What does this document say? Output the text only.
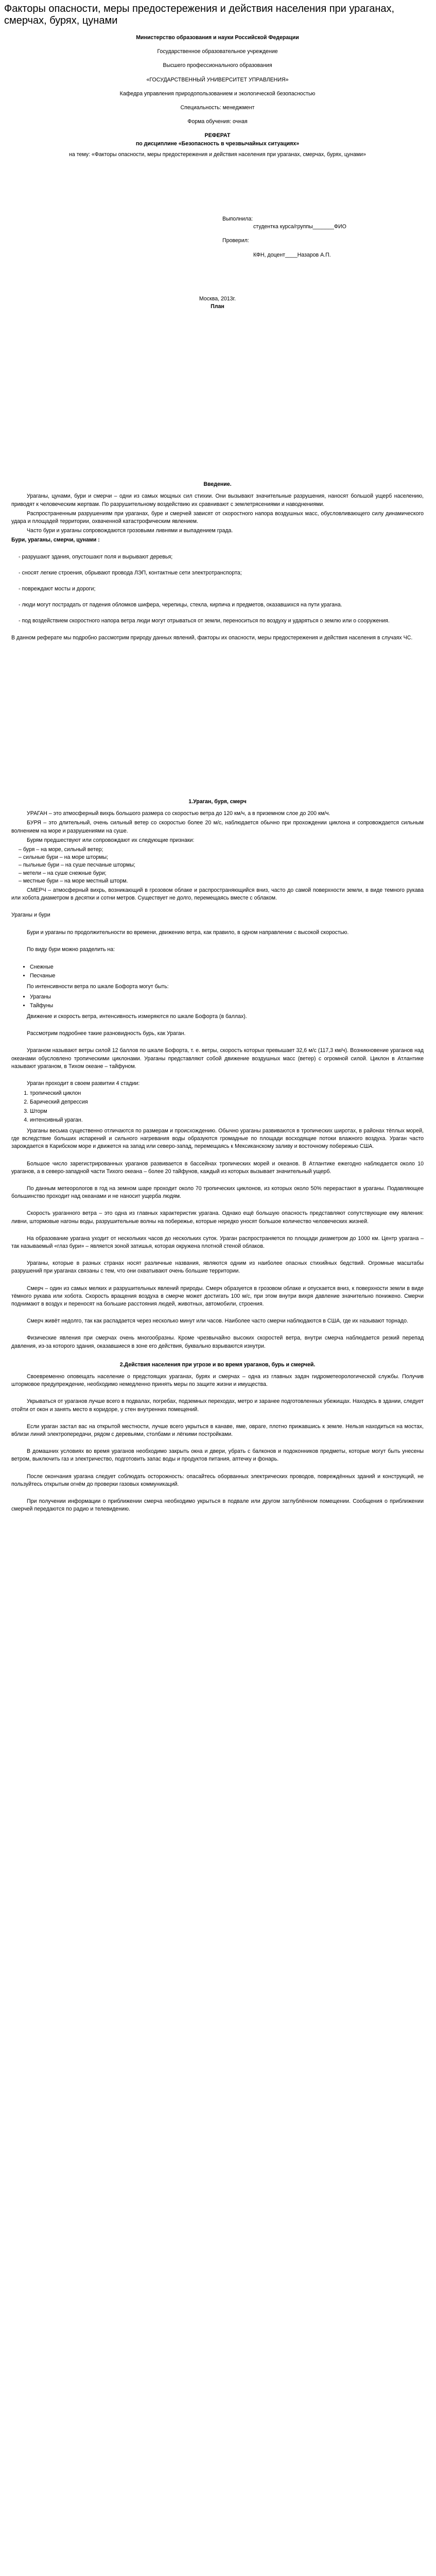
Факторы опасности, меры предостережения и действия населения при ураганах, смерчах, бурях, цунами
Министерство образования и науки Российской Федерации
Государственное образовательное учреждение
Высшего профессионального образования
«ГОСУДАРСТВЕННЫЙ УНИВЕРСИТЕТ УПРАВЛЕНИЯ»
Кафедра управления природопользованием и экологической безопасностью
Специальность: менеджмент
Форма обучения: очная
РЕФЕРАТ
по дисциплине «Безопасность в чрезвычайных ситуациях»
на тему: «Факторы опасности, меры предостережения и действия населения при ураганах, смерчах, бурях, цунами»
Выполнила:
студентка курса/группы_______ФИО
Проверил:
КФН, доцент____Назаров А.П.
Москва, 2013г.
План
Введение.

Ураганы, цунами, бури и смерчи – одни из самых мощных сил стихии. Они вызывают значительные разрушения, наносят большой ущерб населению, приводят к человеческим жертвам. По разрушительному воздействию их сравнивают с землетрясениями и наводнениями.

Распространенным разрушениям при ураганах, буре и смерчей зависят от скоростного напора воздушных масс, обусловливающего силу динамического удара и площадей территории, охваченной катастрофическим явлением.

Часто бури и ураганы сопровождаются грозовыми ливнями и выпадением града.

Бури, ураганы, смерчи, цунами :

- разрушают здания, опустошают поля и вырывают деревья;
- сносят легкие строения, обрывают провода ЛЭП, контактные сети электротранспорта;
- повреждают мосты и дороги;
- люди могут пострадать от падения обломков шифера, черепицы, стекла, кирпича и предметов, оказавшихся на пути урагана.
- под воздействием скоростного напора ветра люди могут отрываться от земли, переноситься по воздуху и ударяться о землю или о сооружения.

В данном реферате мы подробно рассмотрим природу данных явлений, факторы их опасности, меры предостережения и действия населения в случаях ЧС.

1.Ураган, буря, смерч

УРАГАН – это атмосферный вихрь большого размера со скоростью ветра до 120 км/ч, а в приземном слое до 200 км/ч.

БУРЯ – это длительный, очень сильный ветер со скоростью более 20 м/с, наблюдается обычно при прохождении циклона и сопровождается сильным волнением на море и разрушениями на суше.

Бурям предшествуют или сопровождают их следующие признаки:

– буря – на море, сильный ветер;
– сильные бури – на море штормы;
– пыльные бури – на суше песчаные штормы;
– метели – на суше снежные бури;
– местные бури – на море местный шторм.

СМЕРЧ – атмосферный вихрь, возникающий в грозовом облаке и распространяющийся вниз, часто до самой поверхности земли, в виде темного рукава или хобота диаметром в десятки и сотни метров. Существует не долго, перемещаясь вместе с облаком.

Ураганы и бури

Бури и ураганы по продолжительности во времени, движению ветра, как правило, в одном направлении с высокой скоростью.

По виду бури можно разделить на:

• Снежные
• Песчаные

По интенсивности ветра по шкале Бофорта могут быть:

• Ураганы
• Тайфуны

Движение и скорость ветра, интенсивность измеряются по шкале Бофорта (в баллах).

Рассмотрим подробнее такие разновидность бурь, как Ураган.

Ураганом называют ветры силой 12 баллов по шкале Бофорта, т. е. ветры, скорость которых превышает 32,6 м/с (117,3 км/ч). Возникновение ураганов над океанами обусловлено тропическими циклонами. Ураганы представляют собой движение воздушных масс (ветер) с огромной силой. Циклон в Атлантике называют ураганом, в Тихом океане – тайфуном.

Ураган проходит в своем развитии 4 стадии:

1. тропический циклон
2. Барический депрессия
3. Шторм
4. интенсивный ураган.

Ураганы весьма существенно отличаются по размерам и происхождению. Обычно ураганы развиваются в тропических широтах, в районах тёплых морей, где вследствие больших испарений и сильного нагревания воды образуются громадные по площади восходящие потоки влажного воздуха. Ураган часто зарождается в Карибском море и движется на запад или северо-запад, перемещаясь к Мексиканскому заливу и восточному побережью США.

Большое число зарегистрированных ураганов развивается в бассейнах тропических морей и океанов. В Атлантике ежегодно наблюдается около 10 ураганов, а в северо-западной части Тихого океана – более 20 тайфунов, каждый из которых вызывает значительный ущерб.

По данным метеорологов в год на земном шаре проходит около 70 тропических циклонов, из которых около 50% перерастают в ураганы. Подавляющее большинство проходит над океанами и не наносит ущерба людям.

Скорость ураганного ветра – это одна из главных характеристик урагана. Однако ещё большую опасность представляют сопутствующие ему явления: ливни, штормовые нагоны воды, разрушительные волны на побережье, которые нередко уносят большое количество человеческих жизней.

На образование урагана уходит от нескольких часов до нескольких суток. Ураган распространяется по площади диаметром до 1000 км. Центр урагана – так называемый «глаз бури» – является зоной затишья, которая окружена плотной стеной облаков.

Ураганы, которые в разных странах носят различные названия, являются одним из наиболее опасных стихийных бедствий. Огромные масштабы разрушений при ураганах связаны с тем, что они охватывают очень большие территории.

Смерч – один из самых мелких и разрушительных явлений природы. Смерч образуется в грозовом облаке и опускается вниз, к поверхности земли в виде тёмного рукава или хобота. Скорость вращения воздуха в смерче может достигать 100 м/с, при этом внутри вихря давление значительно понижено. Смерчи поднимают в воздух и переносят на большие расстояния людей, животных, автомобили, строения.

Смерч живёт недолго, так как распадается через несколько минут или часов. Наиболее часто смерчи наблюдаются в США, где их называют торнадо.

Физические явления при смерчах очень многообразны. Кроме чрезвычайно высоких скоростей ветра, внутри смерча наблюдается резкий перепад давления, из-за которого здания, оказавшиеся в зоне его действия, буквально взрываются изнутри.

2.Действия населения при угрозе и во время ураганов, бурь и смерчей.

Своевременно оповещать население о предстоящих ураганах, бурях и смерчах – одна из главных задач гидрометеорологической службы. Получив штормовое предупреждение, необходимо немедленно принять меры по защите жизни и имущества.

Укрываться от ураганов лучше всего в подвалах, погребах, подземных переходах, метро и заранее подготовленных убежищах. Находясь в здании, следует отойти от окон и занять место в коридоре, у стен внутренних помещений.

Если ураган застал вас на открытой местности, лучше всего укрыться в канаве, яме, овраге, плотно прижавшись к земле. Нельзя находиться на мостах, вблизи линий электропередачи, рядом с деревьями, столбами и лёгкими постройками.

В домашних условиях во время ураганов необходимо закрыть окна и двери, убрать с балконов и подоконников предметы, которые могут быть унесены ветром, выключить газ и электричество, подготовить запас воды и продуктов питания, аптечку и фонарь.

После окончания урагана следует соблюдать осторожность: опасайтесь оборванных электрических проводов, повреждённых зданий и конструкций, не пользуйтесь открытым огнём до проверки газовых коммуникаций.

При получении информации о приближении смерча необходимо укрыться в подвале или другом заглублённом помещении. Сообщения о приближении смерчей передаются по радио и телевидению.
